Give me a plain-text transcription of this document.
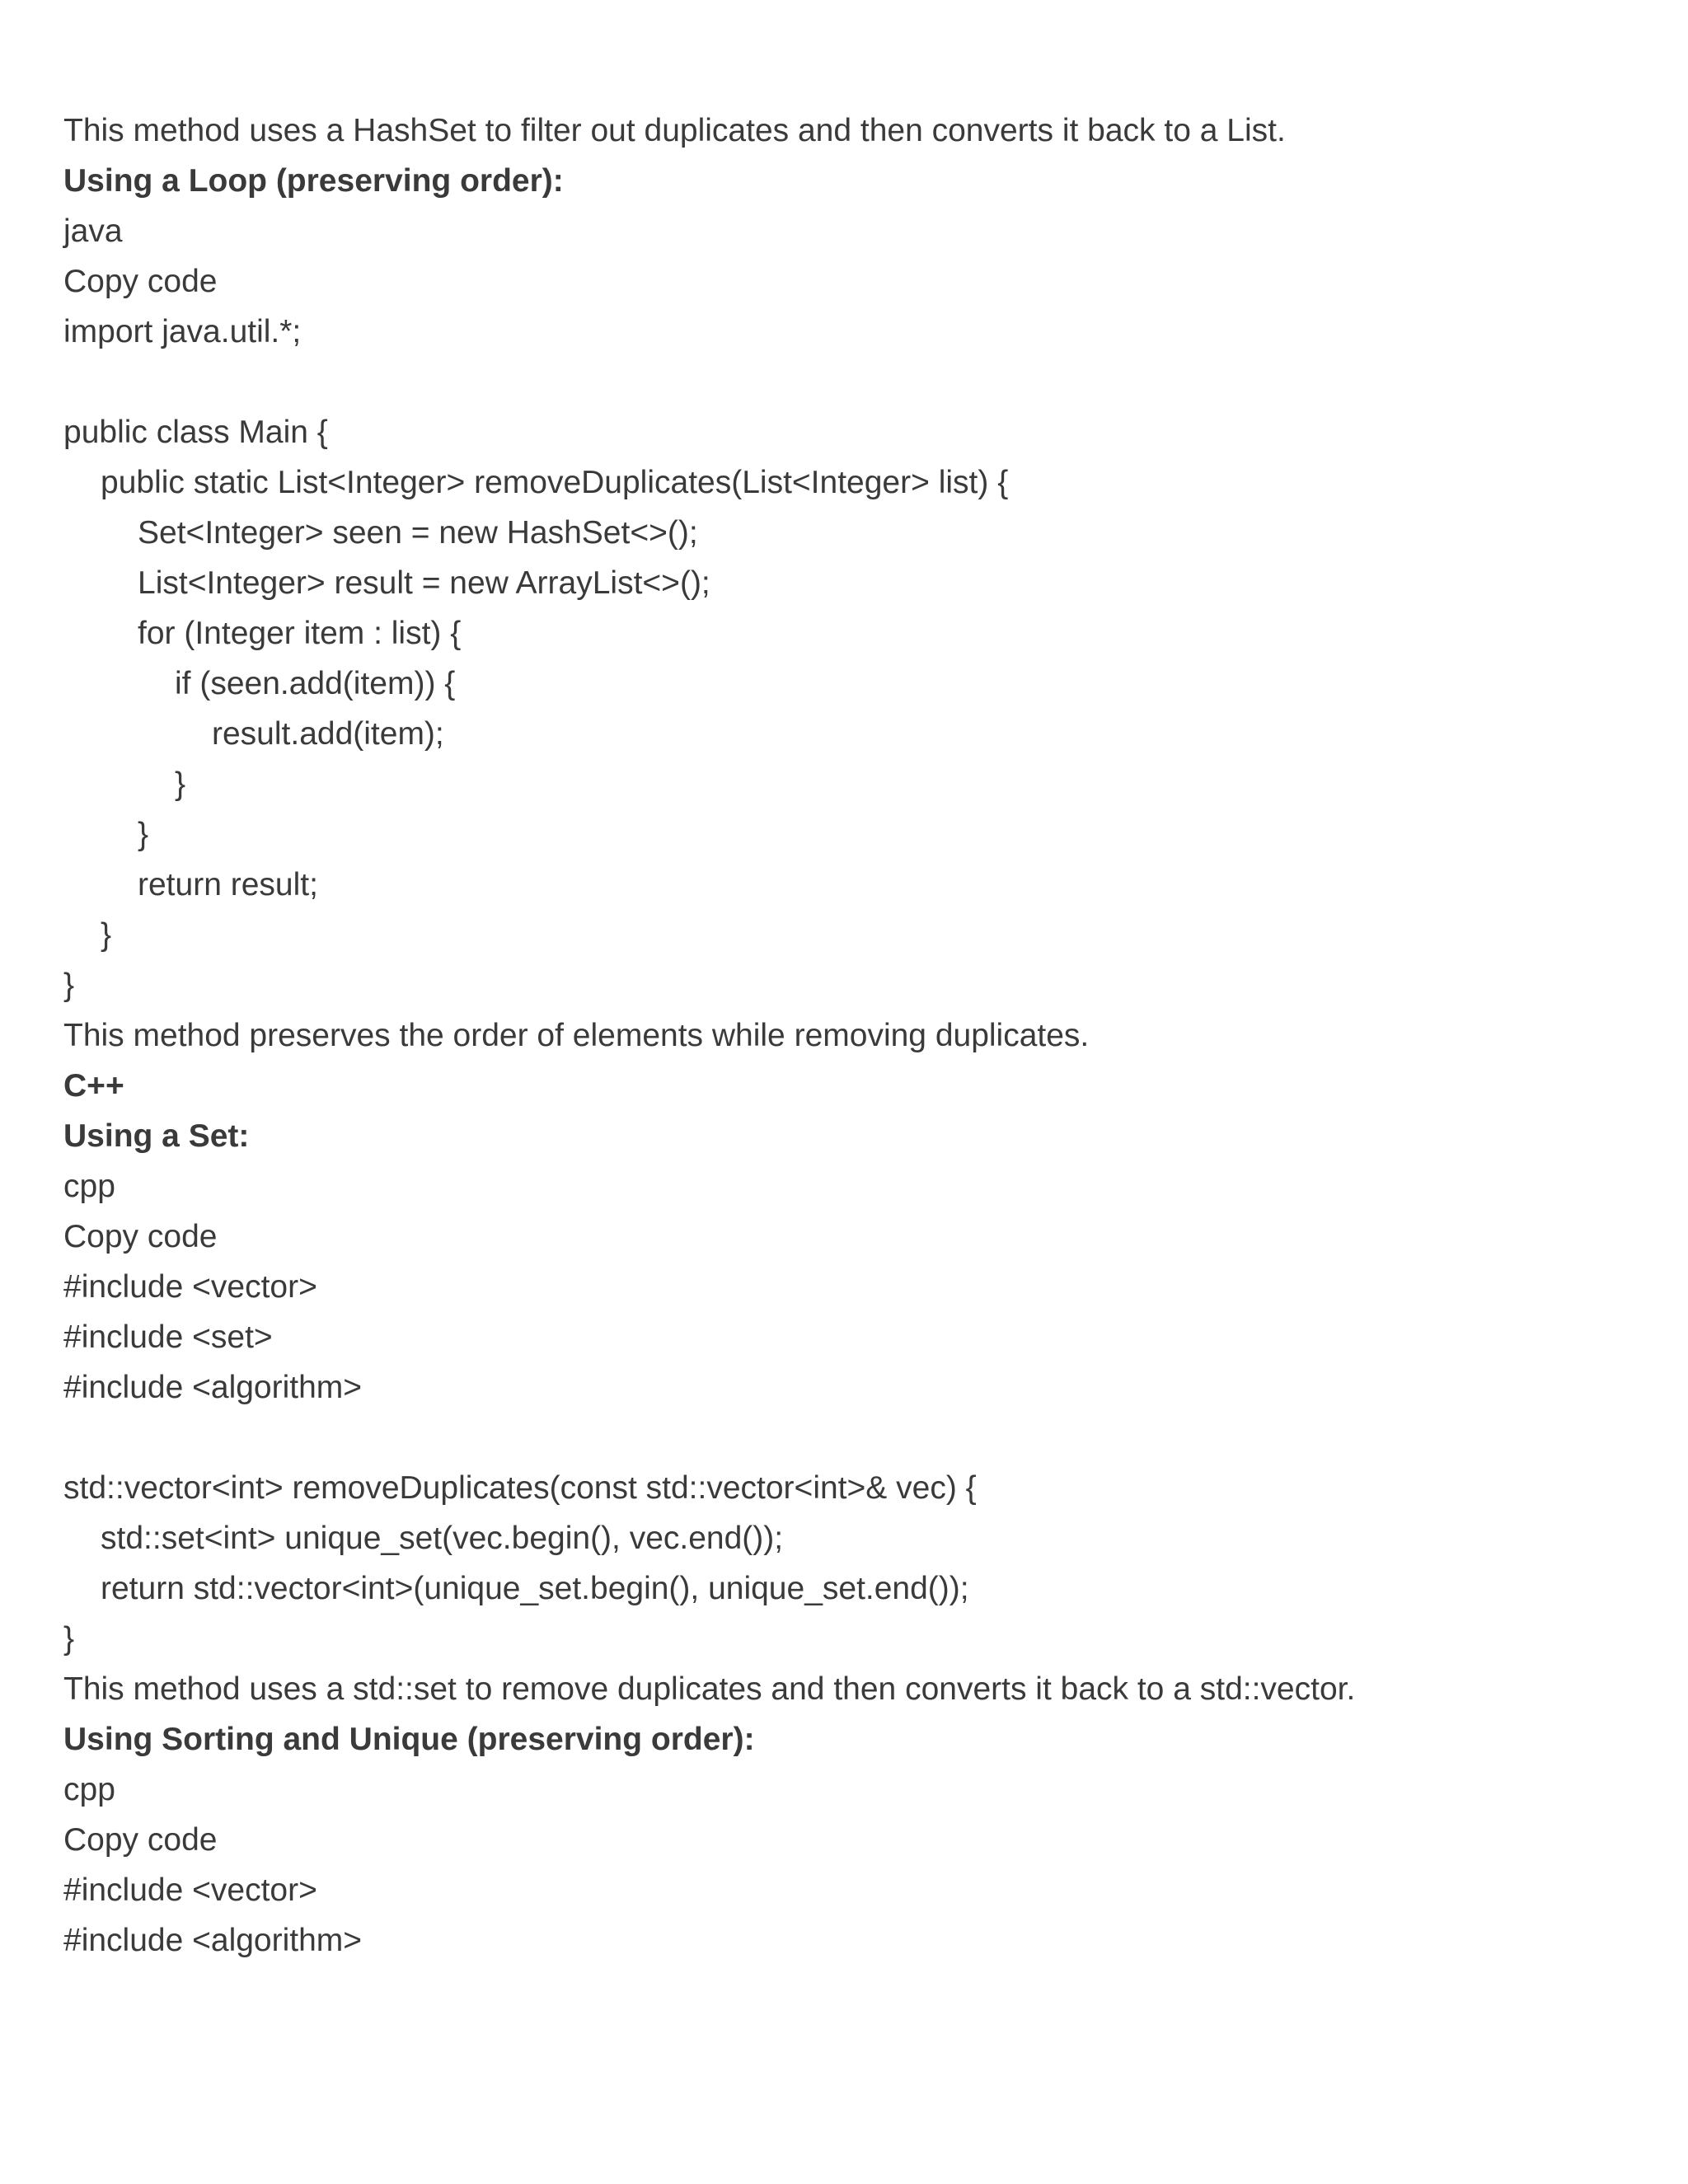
This method uses a HashSet to filter out duplicates and then converts it back to a List.

Using a Loop (preserving order):

java

Copy code

import java.util.*;

public class Main {

public static List<Integer> removeDuplicates(List<Integer> list) {

Set<Integer> seen = new HashSet<>();

List<Integer> result = new ArrayList<>();

for (Integer item : list) {

if (seen.add(item)) {

result.add(item);

}

}

return result;

}

}

This method preserves the order of elements while removing duplicates.

C++

Using a Set:

cpp

Copy code

#include <vector>

#include <set>

#include <algorithm>

std::vector<int> removeDuplicates(const std::vector<int>& vec) {

std::set<int> unique_set(vec.begin(), vec.end());

return std::vector<int>(unique_set.begin(), unique_set.end());

}

This method uses a std::set to remove duplicates and then converts it back to a std::vector.

Using Sorting and Unique (preserving order):

cpp

Copy code

#include <vector>

#include <algorithm>
